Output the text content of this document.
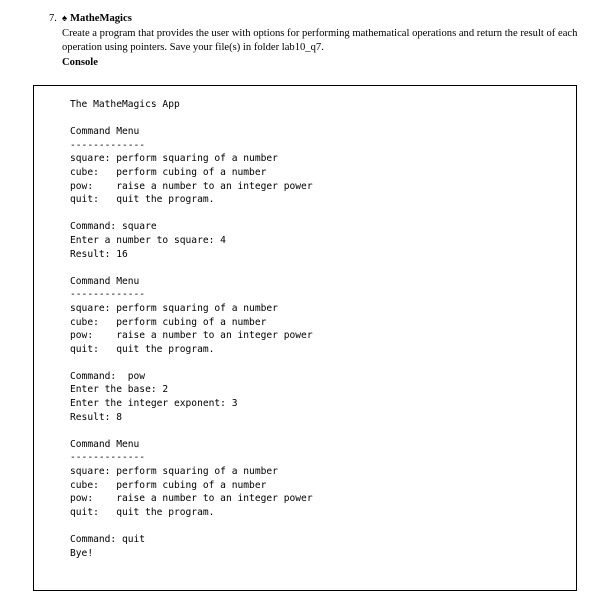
7. ♠ MatheMagics
Create a program that provides the user with options for performing mathematical operations and return the result of each operation using pointers. Save your file(s) in folder lab10_q7.
Console
The MatheMagics App
Command Menu
-------------
square: perform squaring of a number
cube:   perform cubing of a number
pow:    raise a number to an integer power
quit:   quit the program.
Command: square
Enter a number to square: 4
Result: 16
Command Menu
-------------
square: perform squaring of a number
cube:   perform cubing of a number
pow:    raise a number to an integer power
quit:   quit the program.
Command:  pow
Enter the base: 2
Enter the integer exponent: 3
Result: 8
Command Menu
-------------
square: perform squaring of a number
cube:   perform cubing of a number
pow:    raise a number to an integer power
quit:   quit the program.
Command: quit
Bye!
